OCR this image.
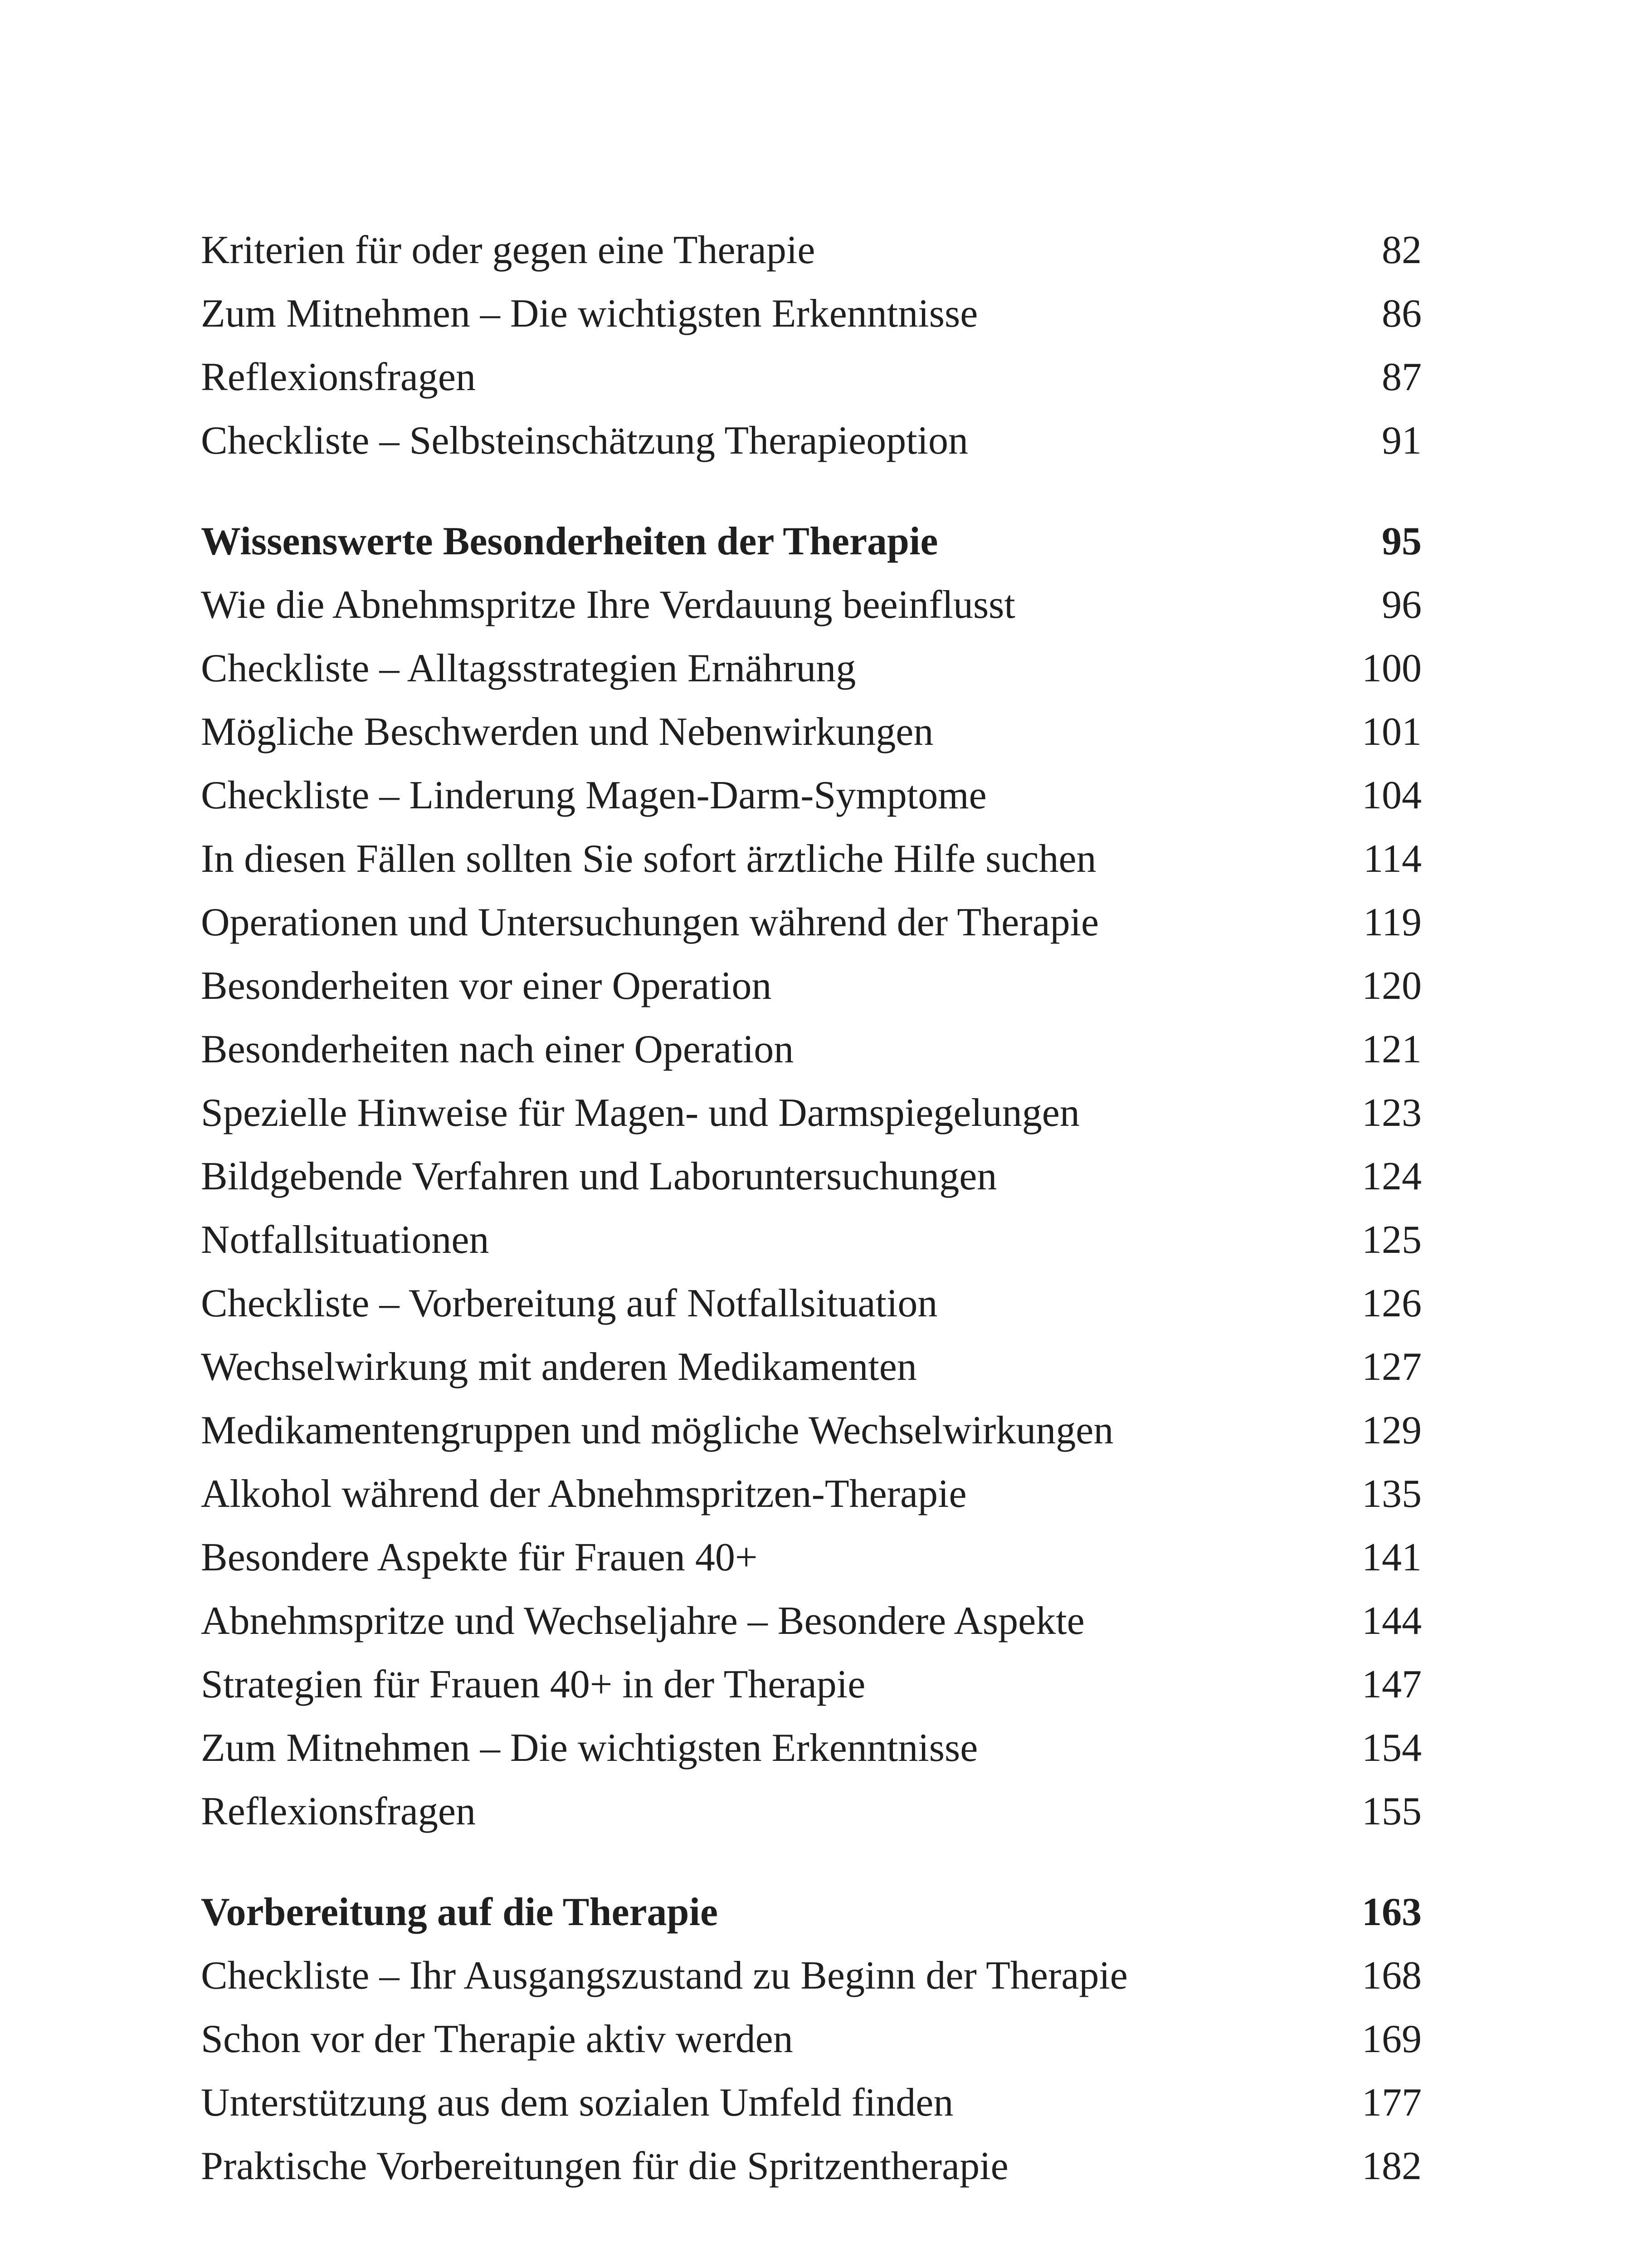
Kriterien für oder gegen eine Therapie	82
Zum Mitnehmen – Die wichtigsten Erkenntnisse	86
Reflexionsfragen	87
Checkliste – Selbsteinschätzung Therapieoption	91
Wissenswerte Besonderheiten der Therapie	95
Wie die Abnehmspritze Ihre Verdauung beeinflusst	96
Checkliste – Alltagsstrategien Ernährung	100
Mögliche Beschwerden und Nebenwirkungen	101
Checkliste – Linderung Magen-Darm-Symptome	104
In diesen Fällen sollten Sie sofort ärztliche Hilfe suchen	114
Operationen und Untersuchungen während der Therapie	119
Besonderheiten vor einer Operation	120
Besonderheiten nach einer Operation	121
Spezielle Hinweise für Magen- und Darmspiegelungen	123
Bildgebende Verfahren und Laboruntersuchungen	124
Notfallsituationen	125
Checkliste – Vorbereitung auf Notfallsituation	126
Wechselwirkung mit anderen Medikamenten	127
Medikamentengruppen und mögliche Wechselwirkungen	129
Alkohol während der Abnehmspritzen-Therapie	135
Besondere Aspekte für Frauen 40+	141
Abnehmspritze und Wechseljahre – Besondere Aspekte	144
Strategien für Frauen 40+ in der Therapie	147
Zum Mitnehmen – Die wichtigsten Erkenntnisse	154
Reflexionsfragen	155
Vorbereitung auf die Therapie	163
Checkliste – Ihr Ausgangszustand zu Beginn der Therapie	168
Schon vor der Therapie aktiv werden	169
Unterstützung aus dem sozialen Umfeld finden	177
Praktische Vorbereitungen für die Spritzentherapie	182
